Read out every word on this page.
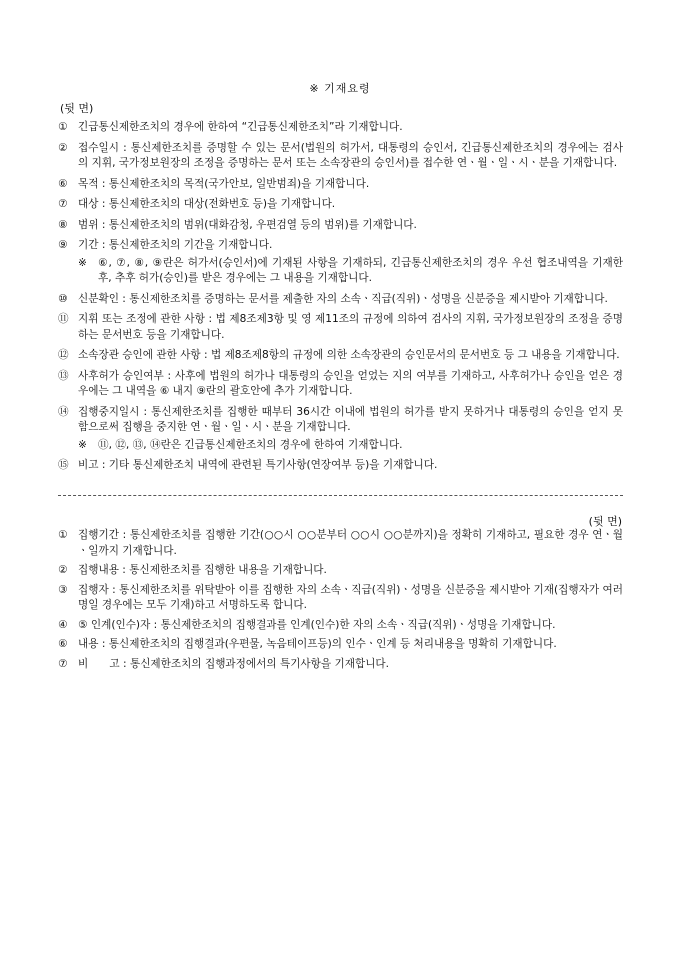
※ 기재요령
(뒷 면)
① 긴급통신제한조치의 경우에 한하여 “긴급통신제한조치”라 기재합니다.
② 접수일시 : 통신제한조치를 증명할 수 있는 문서(법원의 허가서, 대통령의 승인서, 긴급통신제한조치의 경우에는 검사의 지휘, 국가정보원장의 조정을 증명하는 문서 또는 소속장관의 승인서)를 접수한 연ㆍ월ㆍ일ㆍ시ㆍ분을 기재합니다.
⑥ 목적 : 통신제한조치의 목적(국가안보, 일반범죄)을 기재합니다.
⑦ 대상 : 통신제한조치의 대상(전화번호 등)을 기재합니다.
⑧ 범위 : 통신제한조치의 범위(대화감청, 우편검열 등의 범위)를 기재합니다.
⑨ 기간 : 통신제한조치의 기간을 기재합니다.
※ ⑥, ⑦, ⑧, ⑨란은 허가서(승인서)에 기재된 사항을 기재하되, 긴급통신제한조치의 경우 우선 협조내역을 기재한 후, 추후 허가(승인)를 받은 경우에는 그 내용을 기재합니다.
⑩ 신분확인 : 통신제한조치를 증명하는 문서를 제출한 자의 소속ㆍ직급(직위)ㆍ성명을 신분증을 제시받아 기재합니다.
⑪ 지휘 또는 조정에 관한 사항 : 법 제8조제3항 및 영 제11조의 규정에 의하여 검사의 지휘, 국가정보원장의 조정을 증명하는 문서번호 등을 기재합니다.
⑫ 소속장관 승인에 관한 사항 : 법 제8조제8항의 규정에 의한 소속장관의 승인문서의 문서번호 등 그 내용을 기재합니다.
⑬ 사후허가 승인여부 : 사후에 법원의 허가나 대통령의 승인을 얻었는 지의 여부를 기재하고, 사후허가나 승인을 얻은 경우에는 그 내역을 ⑥ 내지 ⑨란의 괄호안에 추가 기재합니다.
⑭ 집행중지일시 : 통신제한조치를 집행한 때부터 36시간 이내에 법원의 허가를 받지 못하거나 대통령의 승인을 얻지 못함으로써 집행을 중지한 연ㆍ월ㆍ일ㆍ시ㆍ분을 기재합니다.
※ ⑪, ⑫, ⑬, ⑭란은 긴급통신제한조치의 경우에 한하여 기재합니다.
⑮ 비고 : 기타 통신제한조치 내역에 관련된 특기사항(연장여부 등)을 기재합니다.
(뒷 면)
① 집행기간 : 통신제한조치를 집행한 기간(○○시 ○○분부터 ○○시 ○○분까지)을 정확히 기재하고, 필요한 경우 연ㆍ월ㆍ일까지 기재합니다.
② 집행내용 : 통신제한조치를 집행한 내용을 기재합니다.
③ 집행자 : 통신제한조치를 위탁받아 이를 집행한 자의 소속ㆍ직급(직위)ㆍ성명을 신분증을 제시받아 기재(집행자가 여러명일 경우에는 모두 기재)하고 서명하도록 합니다.
④ ⑤ 인계(인수)자 : 통신제한조치의 집행결과를 인계(인수)한 자의 소속ㆍ직급(직위)ㆍ성명을 기재합니다.
⑥ 내용 : 통신제한조치의 집행결과(우편물, 녹음테이프등)의 인수ㆍ인계 등 처리내용을 명확히 기재합니다.
⑦ 비　　고 : 통신제한조치의 집행과정에서의 특기사항을 기재합니다.
